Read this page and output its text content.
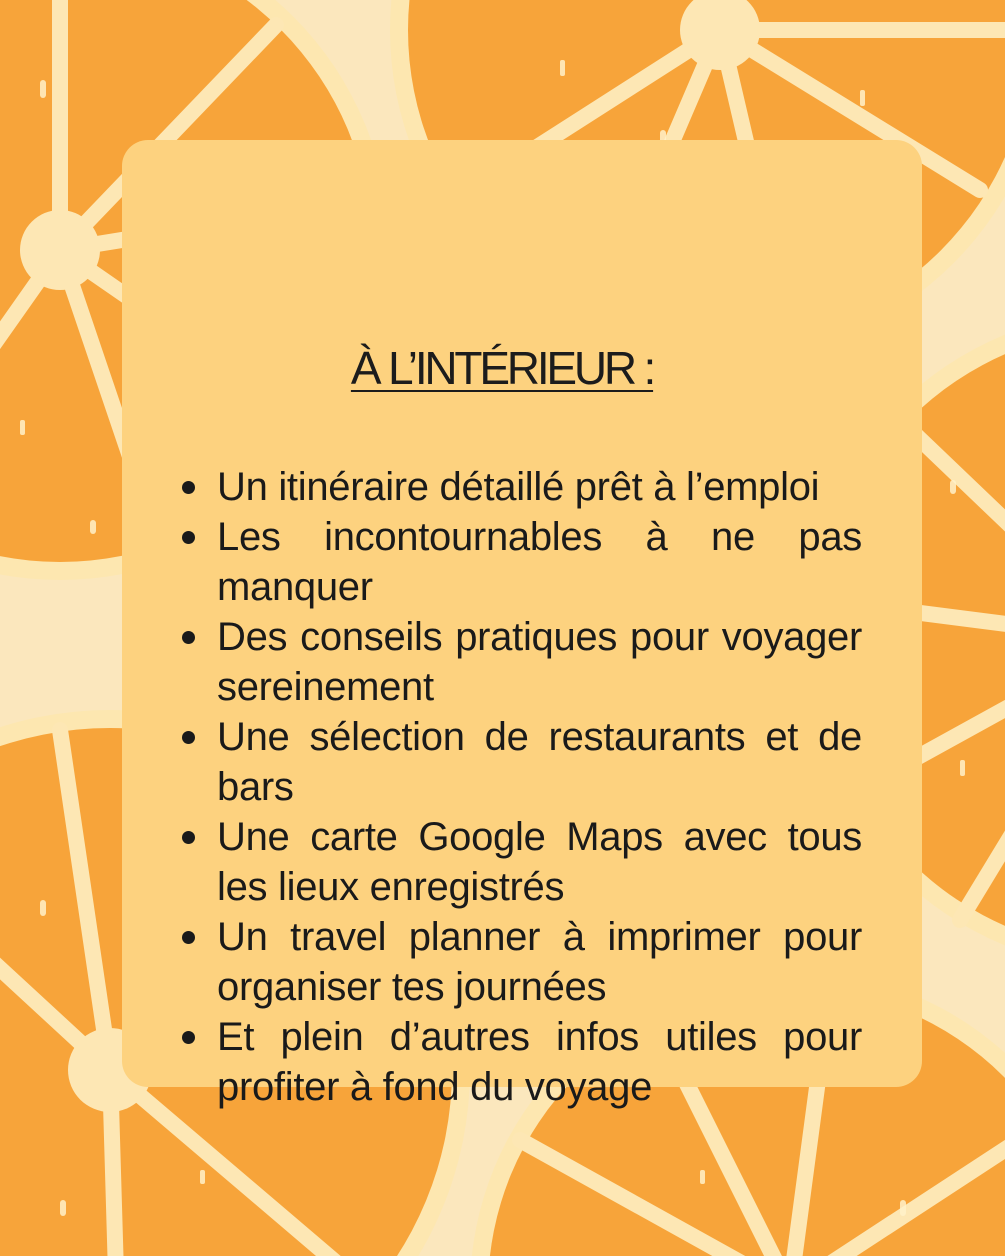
À L’INTÉRIEUR :
Un itinéraire détaillé prêt à l’emploi
Les incontournables à ne pas manquer
Des conseils pratiques pour voyager sereinement
Une sélection de restaurants et de bars
Une carte Google Maps avec tous les lieux enregistrés
Un travel planner à imprimer pour organiser tes journées
Et plein d’autres infos utiles pour profiter à fond du voyage
